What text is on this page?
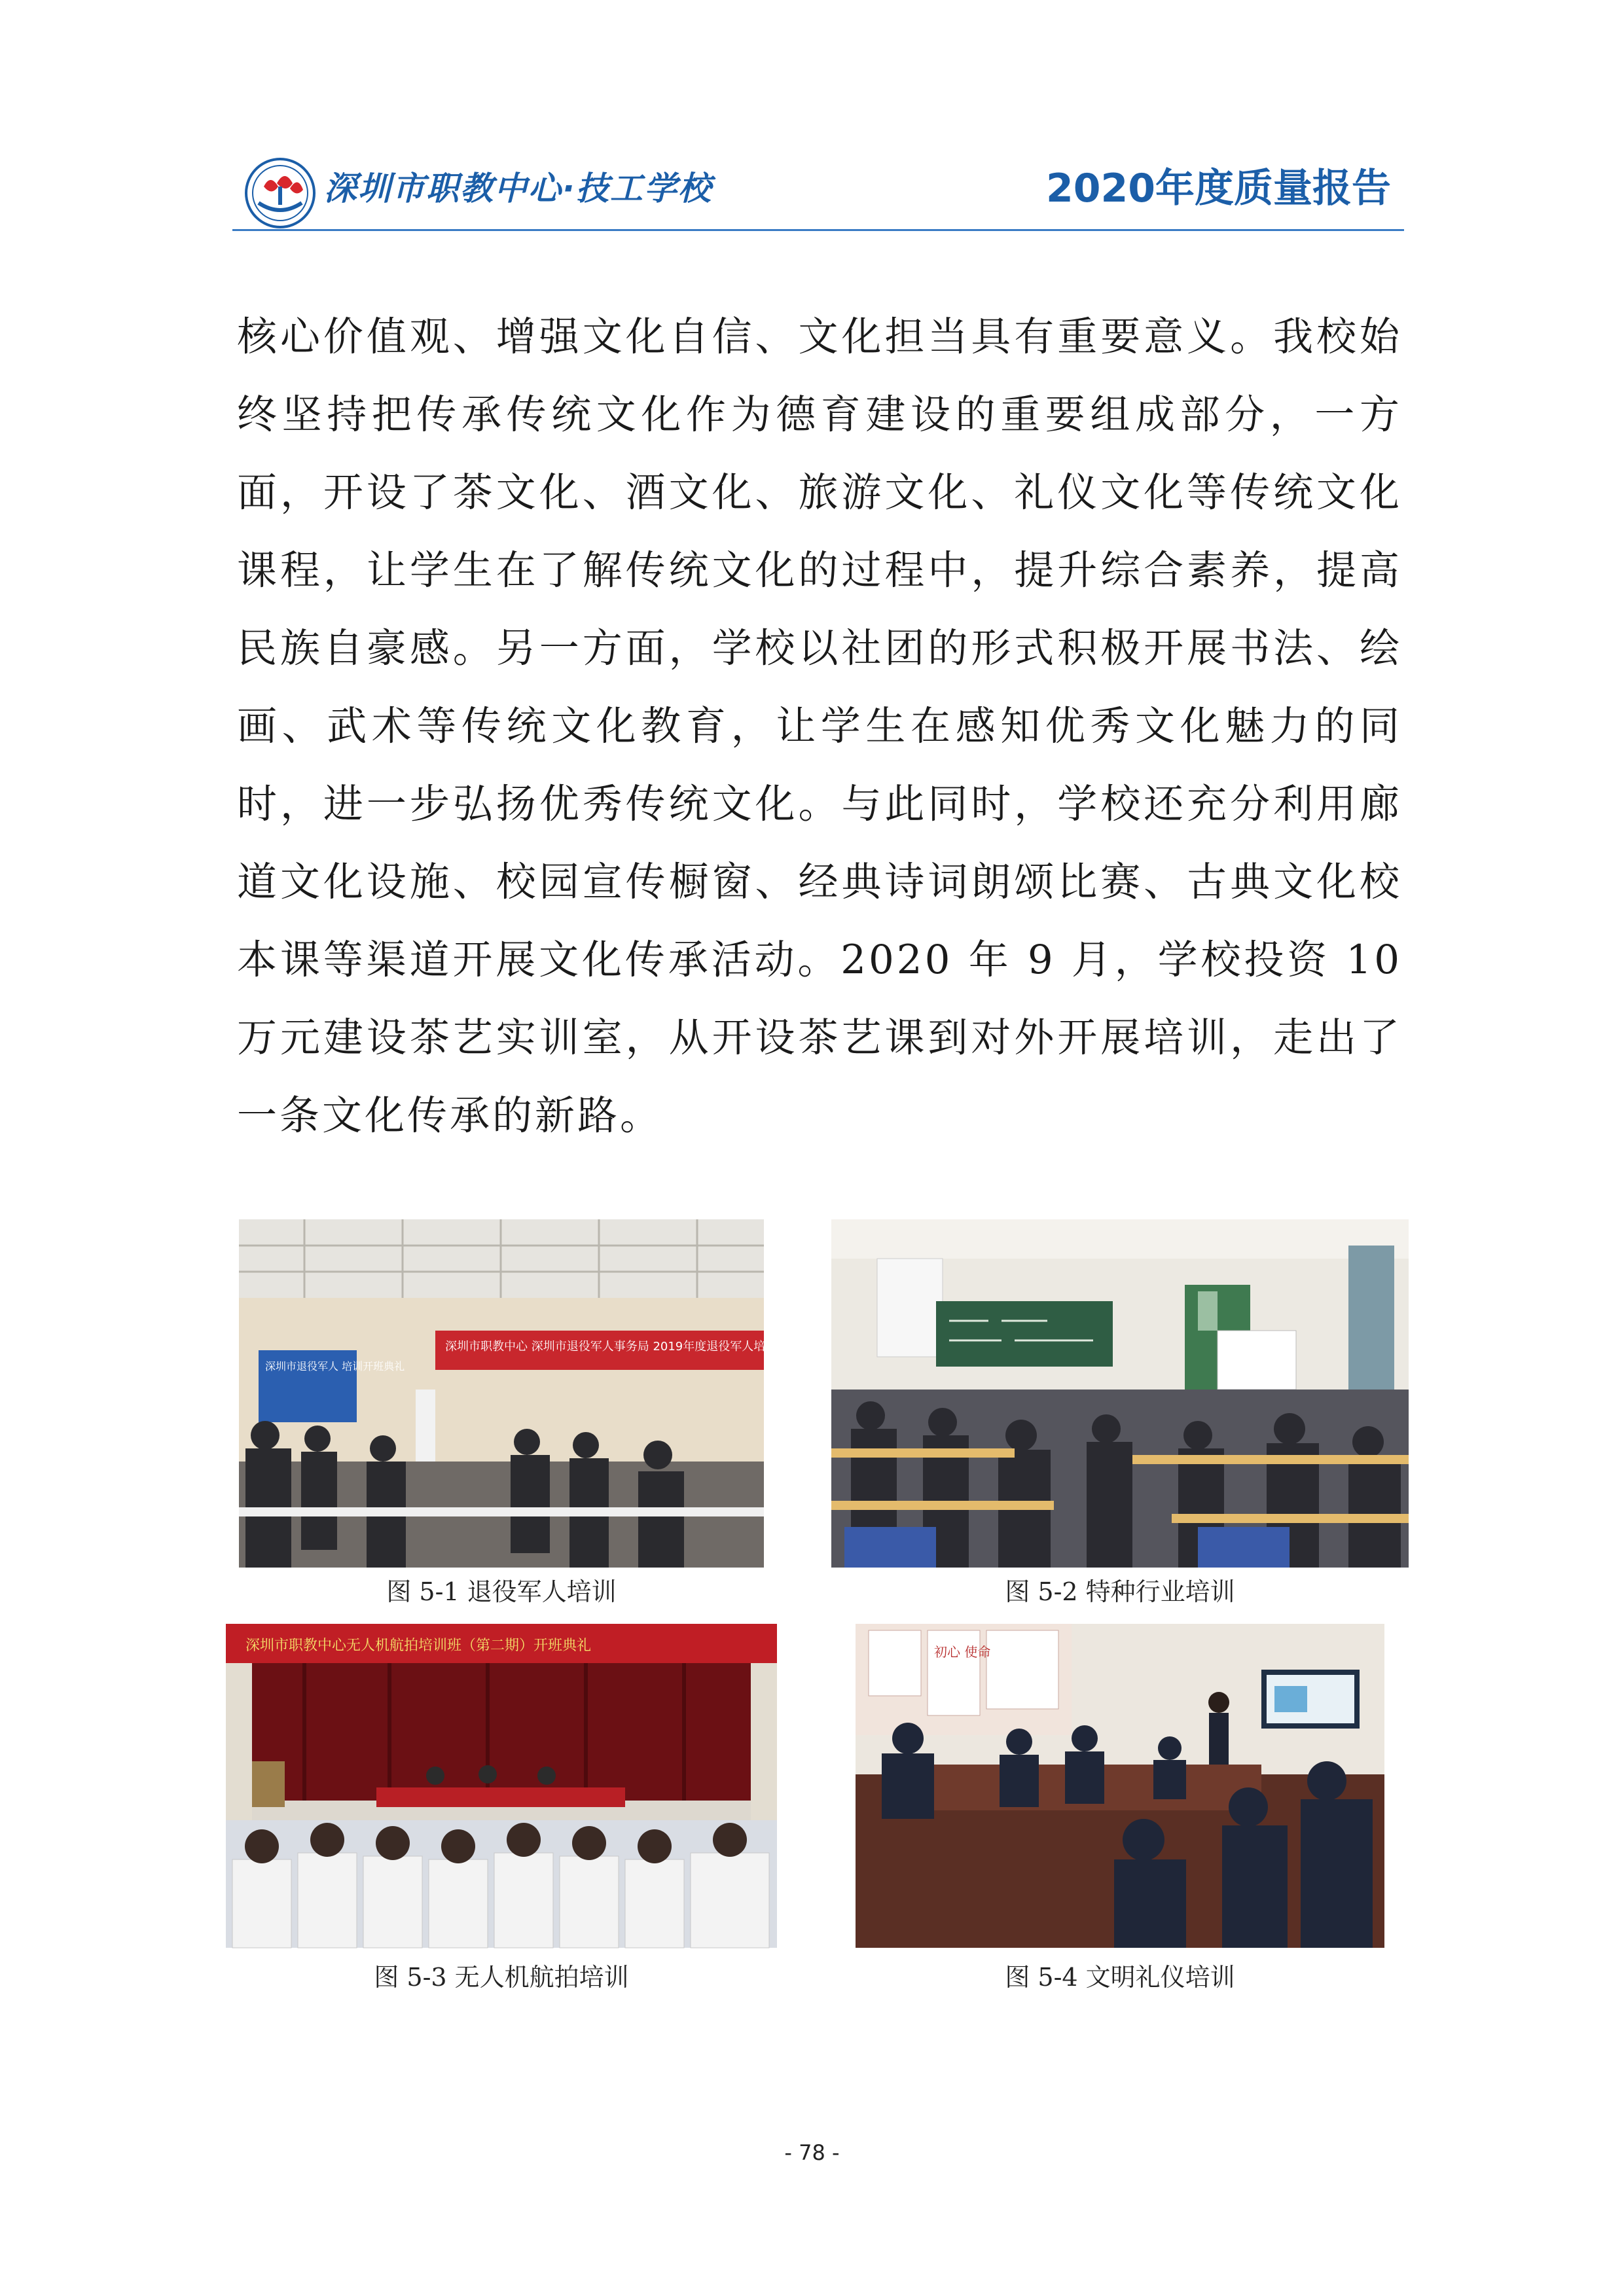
深圳市职教中心·技工学校	2020年度质量报告

核心价值观、增强文化自信、文化担当具有重要意义。我校始终坚持把传承传统文化作为德育建设的重要组成部分，一方面，开设了茶文化、酒文化、旅游文化、礼仪文化等传统文化课程，让学生在了解传统文化的过程中，提升综合素养，提高民族自豪感。另一方面，学校以社团的形式积极开展书法、绘画、武术等传统文化教育，让学生在感知优秀文化魅力的同时，进一步弘扬优秀传统文化。与此同时，学校还充分利用廊道文化设施、校园宣传橱窗、经典诗词朗颂比赛、古典文化校本课等渠道开展文化传承活动。2020 年 9 月，学校投资 10 万元建设茶艺实训室，从开设茶艺课到对外开展培训，走出了一条文化传承的新路。

深圳市职教中心 深圳市退役军人事务局 2019年度退役军人培训开班典礼
深圳市退役军人 培训开班典礼
图 5-1 退役军人培训	图 5-2 特种行业培训
深圳市职教中心无人机航拍培训班（第二期）开班典礼
图 5-3 无人机航拍培训
初心 使命
图 5-4 文明礼仪培训
- 78 -
